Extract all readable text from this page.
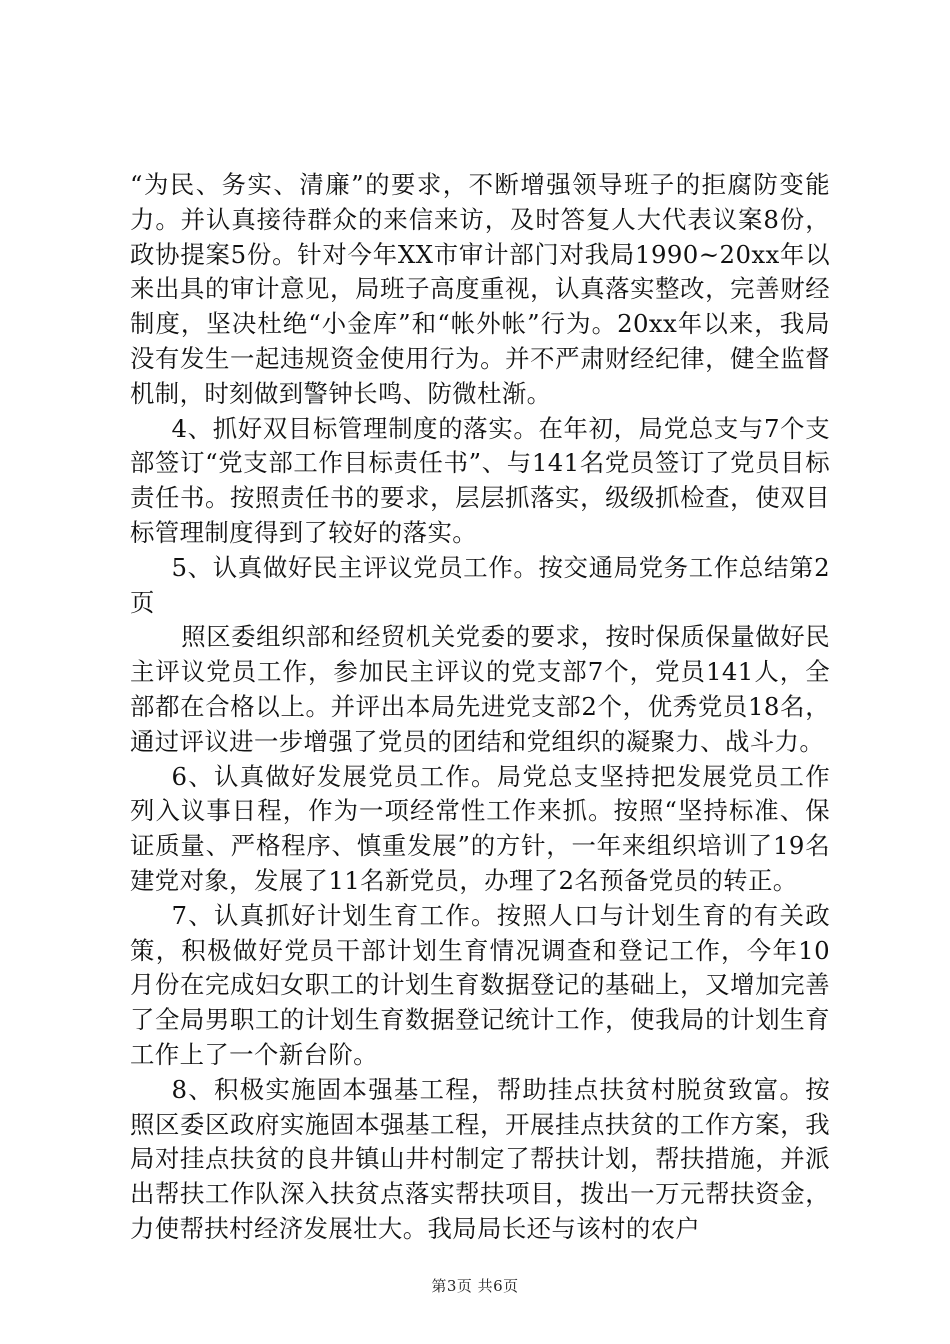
“为民、务实、清廉”的要求，不断增强领导班子的拒腐防变能力。并认真接待群众的来信来访，及时答复人大代表议案8份，政协提案5份。针对今年XX市审计部门对我局1990~20xx年以来出具的审计意见，局班子高度重视，认真落实整改，完善财经制度，坚决杜绝“小金库”和“帐外帐”行为。20xx年以来，我局没有发生一起违规资金使用行为。并不严肃财经纪律，健全监督机制，时刻做到警钟长鸣、防微杜渐。

4、抓好双目标管理制度的落实。在年初，局党总支与7个支部签订“党支部工作目标责任书”、与141名党员签订了党员目标责任书。按照责任书的要求，层层抓落实，级级抓检查，使双目标管理制度得到了较好的落实。

5、认真做好民主评议党员工作。按交通局党务工作总结第2页

照区委组织部和经贸机关党委的要求，按时保质保量做好民主评议党员工作，参加民主评议的党支部7个，党员141人，全部都在合格以上。并评出本局先进党支部2个，优秀党员18名，通过评议进一步增强了党员的团结和党组织的凝聚力、战斗力。

6、认真做好发展党员工作。局党总支坚持把发展党员工作列入议事日程，作为一项经常性工作来抓。按照“坚持标准、保证质量、严格程序、慎重发展”的方针，一年来组织培训了19名建党对象，发展了11名新党员，办理了2名预备党员的转正。

7、认真抓好计划生育工作。按照人口与计划生育的有关政策，积极做好党员干部计划生育情况调查和登记工作，今年10月份在完成妇女职工的计划生育数据登记的基础上，又增加完善了全局男职工的计划生育数据登记统计工作，使我局的计划生育工作上了一个新台阶。

8、积极实施固本强基工程，帮助挂点扶贫村脱贫致富。按照区委区政府实施固本强基工程，开展挂点扶贫的工作方案，我局对挂点扶贫的良井镇山井村制定了帮扶计划，帮扶措施，并派出帮扶工作队深入扶贫点落实帮扶项目，拨出一万元帮扶资金，力使帮扶村经济发展壮大。我局局长还与该村的农户

第3页 共6页
